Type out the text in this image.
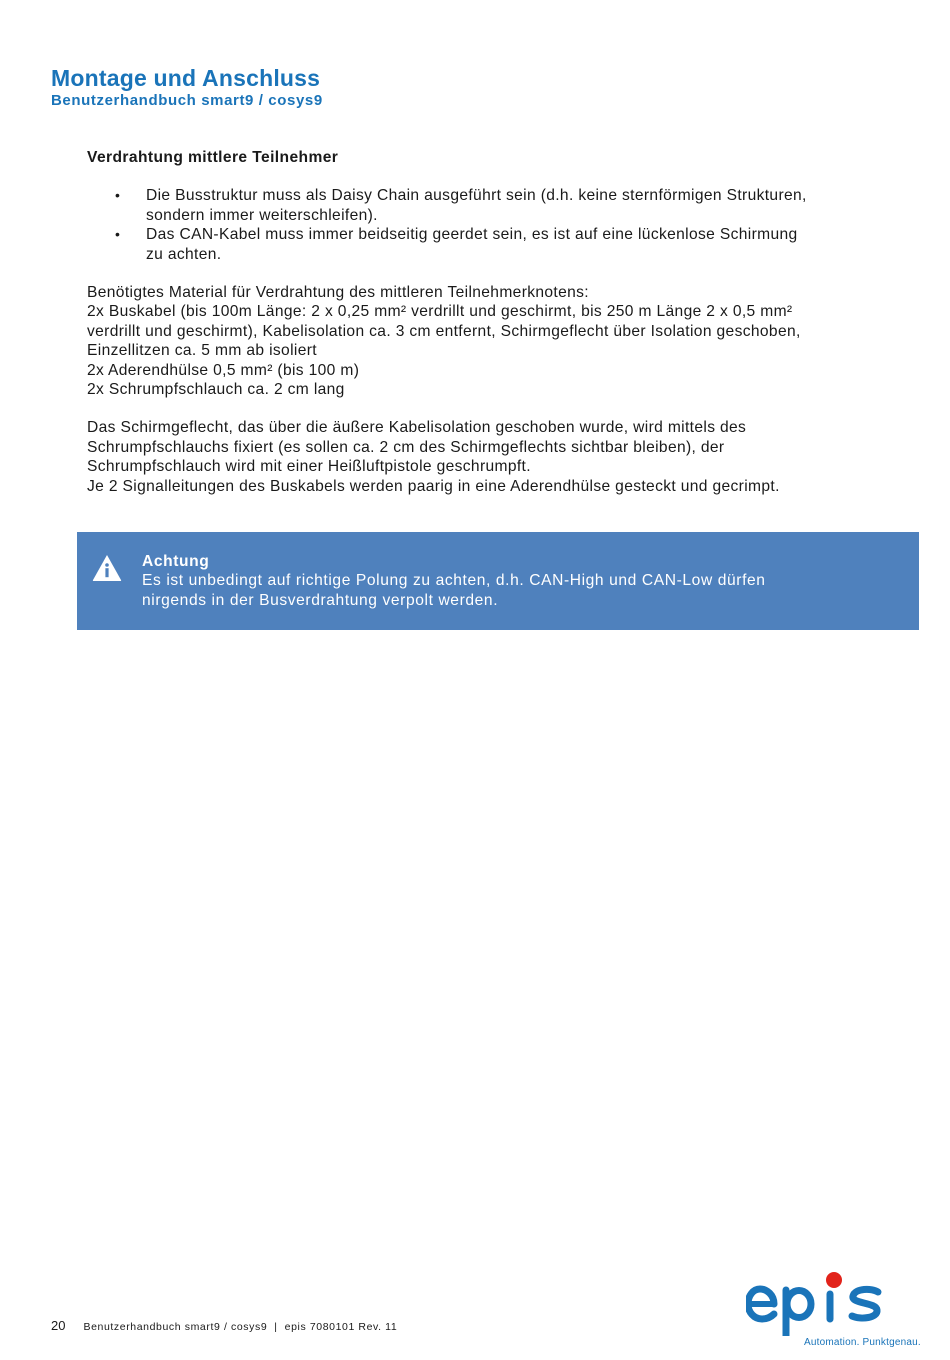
Montage und Anschluss
Benutzerhandbuch smart9 / cosys9
Verdrahtung mittlere Teilnehmer
• Die Busstruktur muss als Daisy Chain ausgeführt sein (d.h. keine sternförmigen Strukturen,
sondern immer weiterschleifen).
• Das CAN-Kabel muss immer beidseitig geerdet sein, es ist auf eine lückenlose Schirmung
zu achten.
Benötigtes Material für Verdrahtung des mittleren Teilnehmerknotens:
2x Buskabel (bis 100m Länge: 2 x 0,25 mm² verdrillt und geschirmt, bis 250 m Länge 2 x 0,5 mm²
verdrillt und geschirmt), Kabelisolation ca. 3 cm entfernt, Schirmgeflecht über Isolation geschoben,
Einzellitzen ca. 5 mm ab isoliert
2x Aderendhülse 0,5 mm² (bis 100 m)
2x Schrumpfschlauch ca. 2 cm lang
Das Schirmgeflecht, das über die äußere Kabelisolation geschoben wurde, wird mittels des
Schrumpfschlauchs fixiert (es sollen ca. 2 cm des Schirmgeflechts sichtbar bleiben), der
Schrumpfschlauch wird mit einer Heißluftpistole geschrumpft.
Je 2 Signalleitungen des Buskabels werden paarig in eine Aderendhülse gesteckt und gecrimpt.
Achtung
Es ist unbedingt auf richtige Polung zu achten, d.h. CAN-High und CAN-Low dürfen
nirgends in der Busverdrahtung verpolt werden.
20 Benutzerhandbuch smart9 / cosys9  |  epis 7080101 Rev. 11
Automation. Punktgenau.
